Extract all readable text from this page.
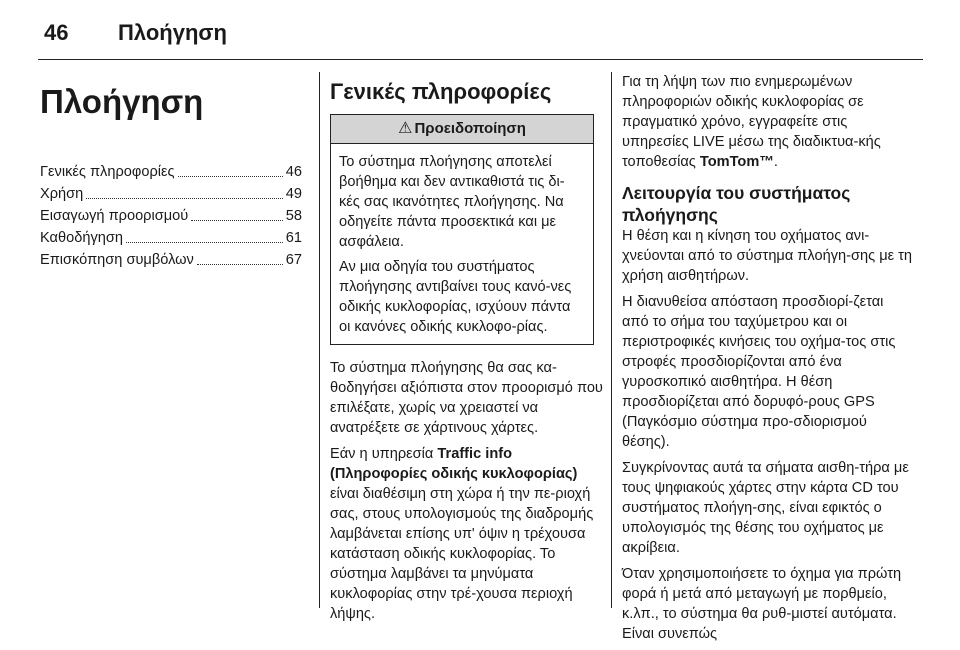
46 Πλοήγηση
Πλοήγηση
Γενικές πληροφορίες	46
Χρήση	49
Εισαγωγή προορισμού	58
Καθοδήγηση	61
Επισκόπηση συμβόλων	67
Γενικές πληροφορίες
⚠ Προειδοποίηση

Το σύστημα πλοήγησης αποτελεί βοήθημα και δεν αντικαθιστά τις δι-κές σας ικανότητες πλοήγησης. Να οδηγείτε πάντα προσεκτικά και με ασφάλεια.

Αν μια οδηγία του συστήματος πλοήγησης αντιβαίνει τους κανό-νες οδικής κυκλοφορίας, ισχύουν πάντα οι κανόνες οδικής κυκλοφο-ρίας.

Το σύστημα πλοήγησης θα σας κα-θοδηγήσει αξιόπιστα στον προορισμό που επιλέξατε, χωρίς να χρειαστεί να ανατρέξετε σε χάρτινους χάρτες.

Εάν η υπηρεσία Traffic info (Πληροφορίες οδικής κυκλοφορίας) είναι διαθέσιμη στη χώρα ή την πε-ριοχή σας, στους υπολογισμούς της διαδρομής λαμβάνεται επίσης υπ' όψιν η τρέχουσα κατάσταση οδικής κυκλοφορίας. Το σύστημα λαμβάνει τα μηνύματα κυκλοφορίας στην τρέ-χουσα περιοχή λήψης.

Για τη λήψη των πιο ενημερωμένων πληροφοριών οδικής κυκλοφορίας σε πραγματικό χρόνο, εγγραφείτε στις υπηρεσίες LIVE μέσω της διαδικτυα-κής τοποθεσίας TomTom™.

Λειτουργία του συστήματος πλοήγησης

Η θέση και η κίνηση του οχήματος ανι-χνεύονται από το σύστημα πλοήγη-σης με τη χρήση αισθητήρων.

Η διανυθείσα απόσταση προσδιορί-ζεται από το σήμα του ταχύμετρου και οι περιστροφικές κινήσεις του οχήμα-τος στις στροφές προσδιορίζονται από ένα γυροσκοπικό αισθητήρα. Η θέση προσδιορίζεται από δορυφό-ρους GPS (Παγκόσμιο σύστημα προ-σδιορισμού θέσης).

Συγκρίνοντας αυτά τα σήματα αισθη-τήρα με τους ψηφιακούς χάρτες στην κάρτα CD του συστήματος πλοήγη-σης, είναι εφικτός ο υπολογισμός της θέσης του οχήματος με ακρίβεια.

Όταν χρησιμοποιήσετε το όχημα για πρώτη φορά ή μετά από μεταγωγή με πορθμείο, κ.λπ., το σύστημα θα ρυθ-μιστεί αυτόματα. Είναι συνεπώς
